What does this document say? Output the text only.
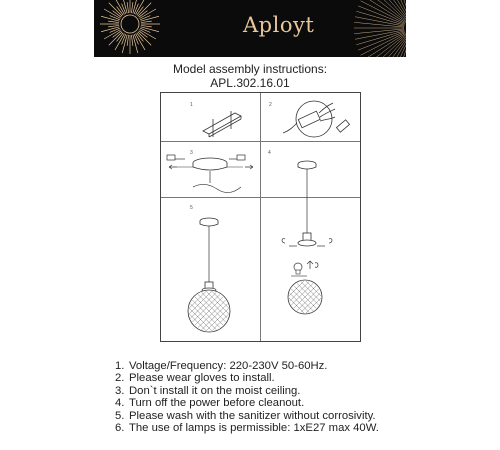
Aployt
Model assembly instructions:
APL.302.16.01
1	2
3	4
5
1. Voltage/Frequency: 220-230V 50-60Hz.
2. Please wear gloves to install.
3. Don`t install it on the moist ceiling.
4. Turn off the power before cleanout.
5. Please wash with the sanitizer without corrosivity.
6. The use of lamps is permissible: 1xE27 max 40W.
